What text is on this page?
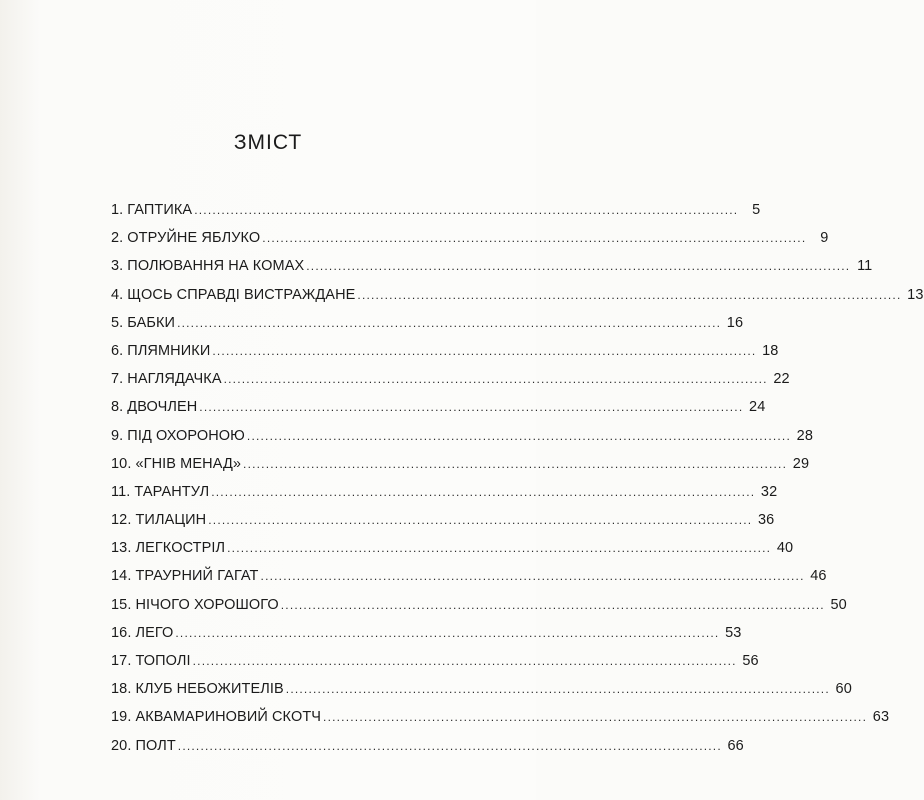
ЗМІСТ
1. ГАПТИКА ........................................................................................................................ 5
2. ОТРУЙНЕ ЯБЛУКО ........................................................................................................................ 9
3. ПОЛЮВАННЯ НА КОМАХ ........................................................................................................................ 11
4. ЩОСЬ СПРАВДІ ВИСТРАЖДАНЕ ........................................................................................................................ 13
5. БАБКИ ........................................................................................................................ 16
6. ПЛЯМНИКИ ........................................................................................................................ 18
7. НАГЛЯДАЧКА ........................................................................................................................ 22
8. ДВОЧЛЕН ........................................................................................................................ 24
9. ПІД ОХОРОНОЮ ........................................................................................................................ 28
10. «ГНІВ МЕНАД» ........................................................................................................................ 29
11. ТАРАНТУЛ ........................................................................................................................ 32
12. ТИЛАЦИН ........................................................................................................................ 36
13. ЛЕГКОСТРІЛ ........................................................................................................................ 40
14. ТРАУРНИЙ ГАГАТ ........................................................................................................................ 46
15. НІЧОГО ХОРОШОГО ........................................................................................................................ 50
16. ЛЕГО ........................................................................................................................ 53
17. ТОПОЛІ ........................................................................................................................ 56
18. КЛУБ НЕБОЖИТЕЛІВ ........................................................................................................................ 60
19. АКВАМАРИНОВИЙ СКОТЧ ........................................................................................................................ 63
20. ПОЛТ ........................................................................................................................ 66
